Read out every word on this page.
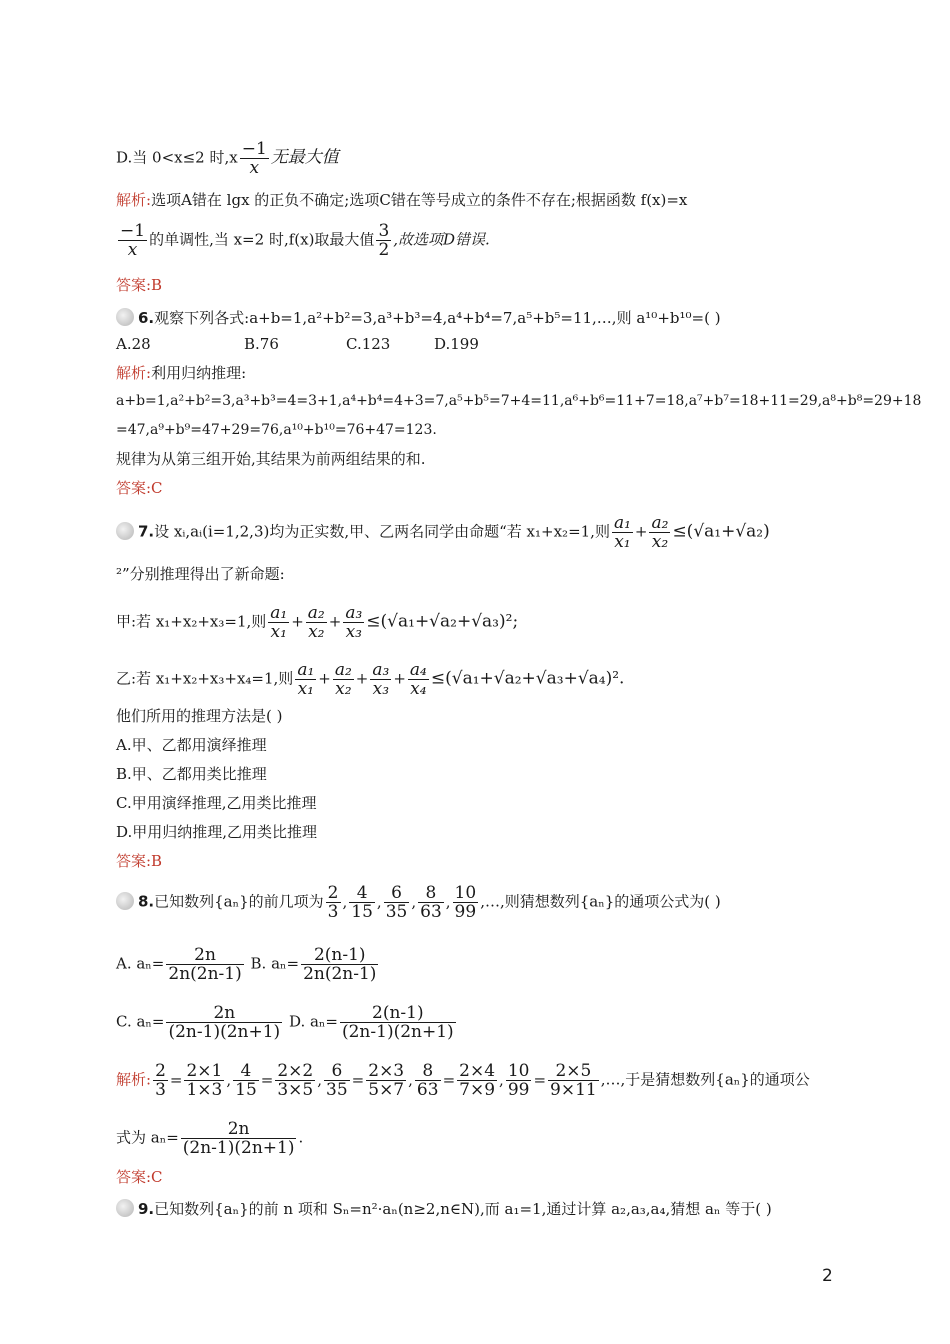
D.当 0<x≤2 时$,x \frac{-1}{x}$ 无最大值
解析:选项A错在 lgx 的正负不确定;选项C错在等号成立的条件不存在;根据函数 f(x)=x
$\frac{-1}{x}$ 的单调性,当 x=2 时,f(x)取最大值 $\frac{3}{2}$ ,故选项D错误.
答案:B
6.观察下列各式:a+b=1,a²+b²=3,a³+b³=4,a⁴+b⁴=7,a⁵+b⁵=11,…,则 a¹⁰+b¹⁰=( )
A.28	B.76	C.123	D.199
解析:利用归纳推理:
a+b=1,a²+b²=3,a³+b³=4=3+1,a⁴+b⁴=4+3=7,a⁵+b⁵=7+4=11,a⁶+b⁶=11+7=18,a⁷+b⁷=18+11=29,a⁸+b⁸=29+18
=47,a⁹+b⁹=47+29=76,a¹⁰+b¹⁰=76+47=123.
规律为从第三组开始,其结果为前两组结果的和.
答案:C
7.设 xᵢ,aᵢ(i=1,2,3)均为正实数,甲、乙两名同学由命题“若 x₁+x₂=1,则 $\frac{\text{a₁}}{\text{x₁}} + \frac{\text{a₂}}{\text{x₂}} \le(√a_1+√a_2)$
²”分别推理得出了新命题:
甲:若 x₁+x₂+x₃=1,则 $\frac{\text{a₁}}{\text{x₁}} + \frac{\text{a₂}}{\text{x₂}} + \frac{\text{a₃}}{\text{x₃}} \le(√a_1+√a_2+√a_3)^2$;
乙:若 x₁+x₂+x₃+x₄=1,则 $\frac{\text{a₁}}{\text{x₁}} + \frac{\text{a₂}}{\text{x₂}} + \frac{\text{a₃}}{\text{x₃}} + \frac{\text{a₄}}{\text{x₄}} \le(√a_1+√a_2+√a_3+√a_4)^2$.
他们所用的推理方法是( )
A.甲、乙都用演绎推理
B.甲、乙都用类比推理
C.甲用演绎推理,乙用类比推理
D.甲用归纳推理,乙用类比推理
答案:B
8.已知数列{aₙ}的前几项为 $\frac{2}{3}$ , $\frac{4}{15}$ , $\frac{6}{35}$ , $\frac{8}{63}$ , $\frac{10}{99}$ ,…,则猜想数列{aₙ}的通项公式为( )
A. $a_n= \frac{2n}{2n(2n-1)} B$. $a_n= \frac{2(n-1)}{2n(2n-1)}$
C. $a_n= \frac{2n}{(2n-1)(2n+1)} D$. $a_n= \frac{2(n-1)}{(2n-1)(2n+1)}$
解析: $\frac{2}{3} = \frac{2\times 1}{1\times 3}$ , $\frac{4}{15} = \frac{2\times 2}{3\times 5}$ , $\frac{6}{35} = \frac{2\times 3}{5\times 7}$ , $\frac{8}{63} = \frac{2\times 4}{7\times 9}$ , $\frac{10}{99} = \frac{2\times 5}{9\times 11}$ ,…,于是猜想数列{aₙ}的通项公
式为 $a_n= \frac{2n}{(2n-1)(2n+1)}$ .
答案:C
9.已知数列{aₙ}的前 n 项和 Sₙ=n²·aₙ(n≥2,n∈N),而 a₁=1,通过计算 a₂,a₃,a₄,猜想 aₙ 等于( )
2
